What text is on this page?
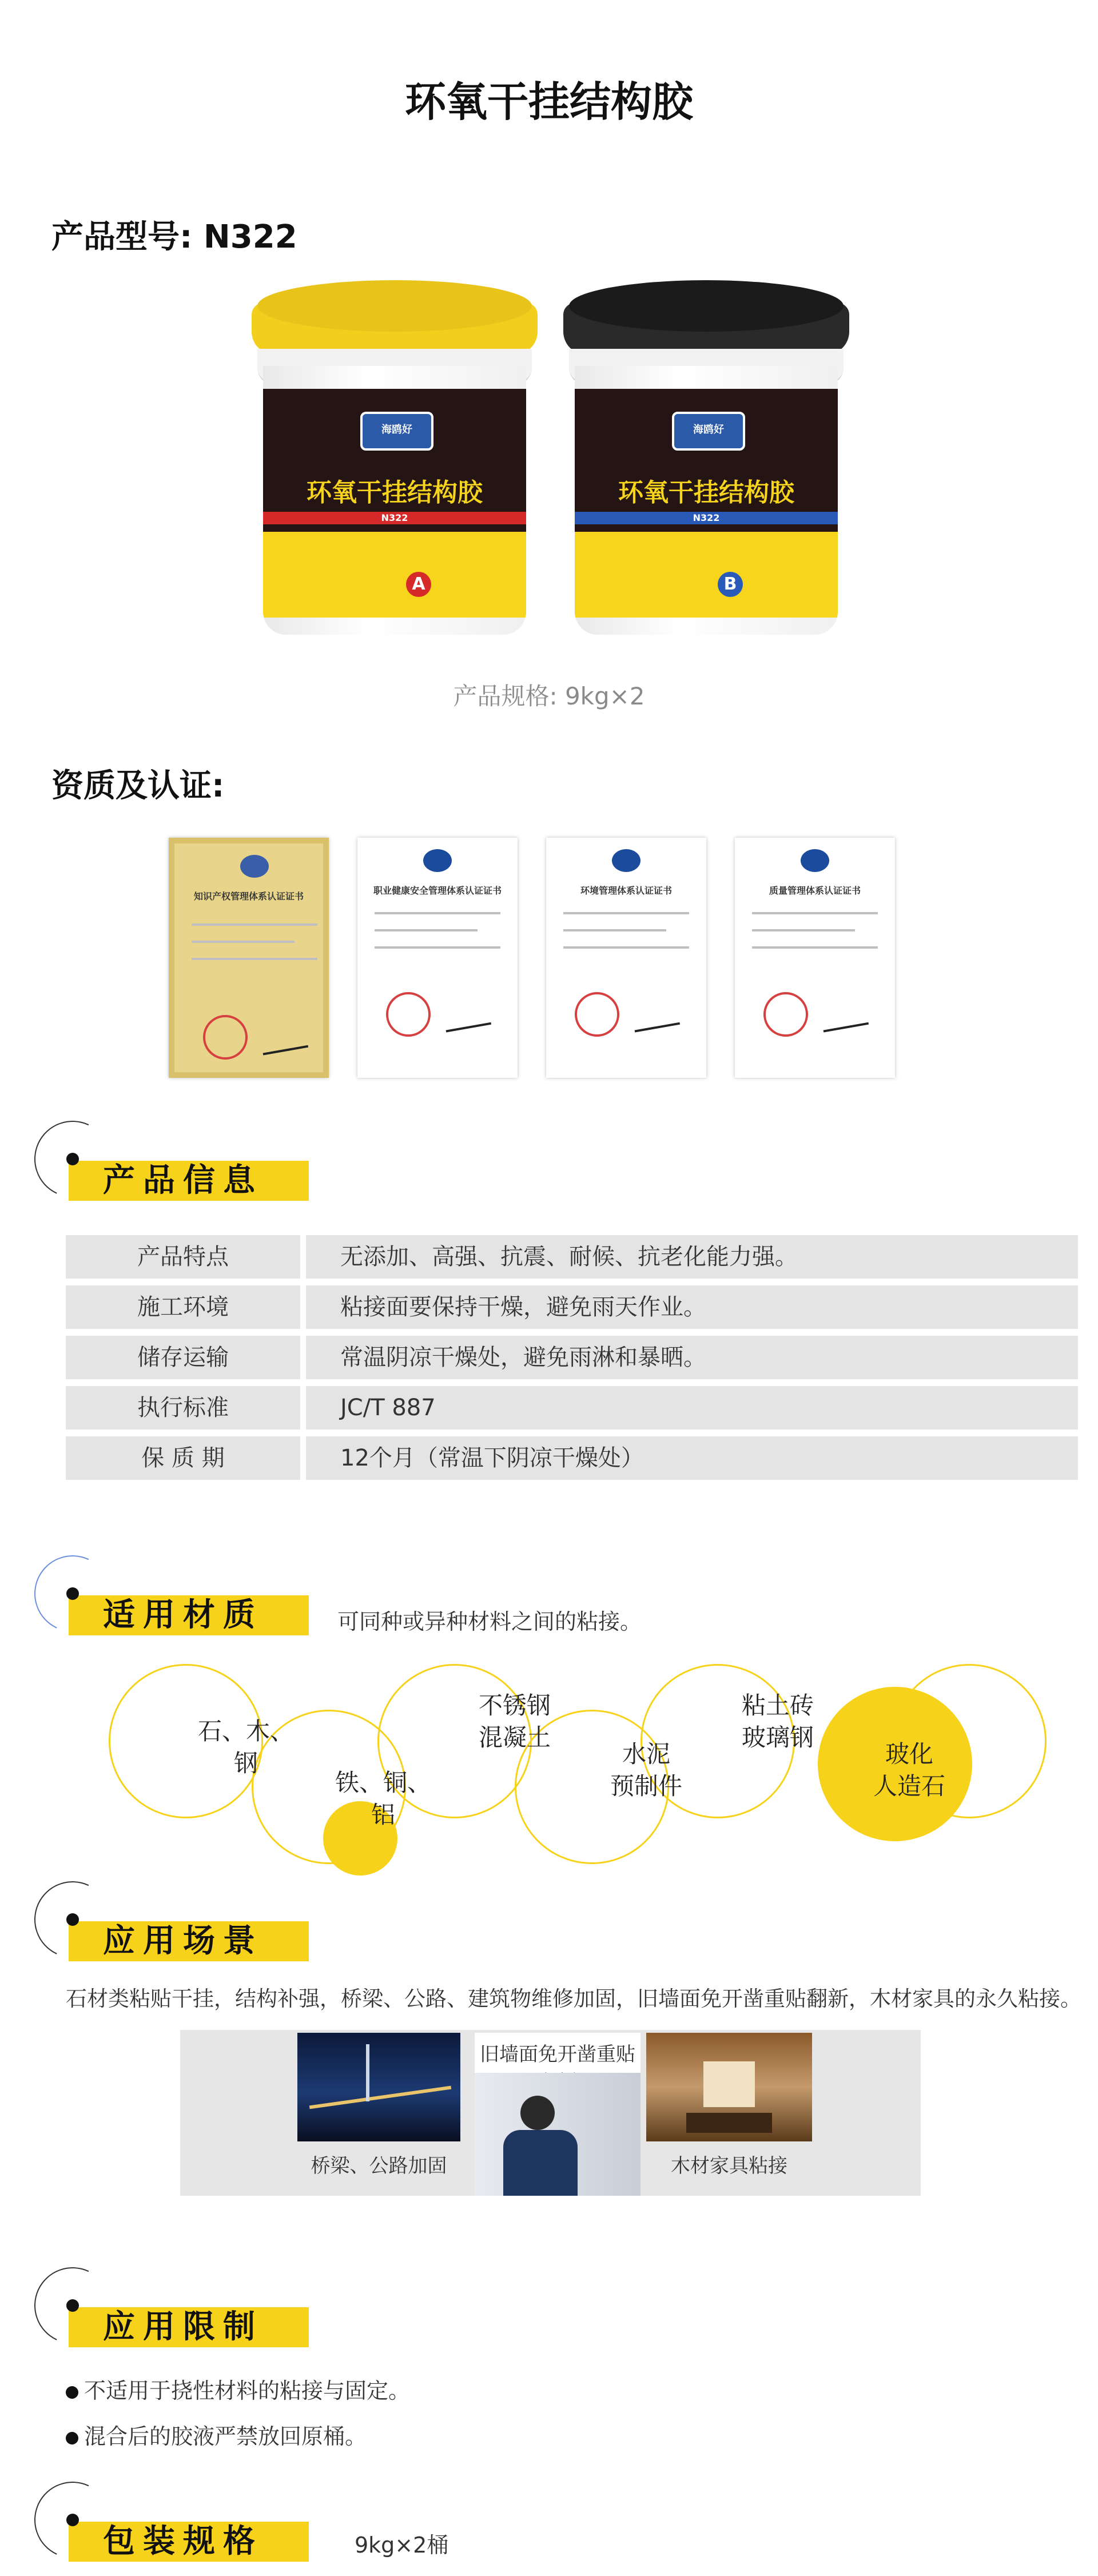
环氧干挂结构胶
产品型号: N322
海鸥好
环氧干挂结构胶
N322
A
海鸥好
环氧干挂结构胶
N322
B
产品规格: 9kg×2
资质及认证:
知识产权管理体系认证证书
职业健康安全管理体系认证证书	环境管理体系认证证书	质量管理体系认证证书
产品信息
产品特点	无添加、高强、抗震、耐候、抗老化能力强。
施工环境	粘接面要保持干燥，避免雨天作业。
储存运输	常温阴凉干燥处，避免雨淋和暴晒。
执行标准	JC/T 887
保 质 期	12个月（常温下阴凉干燥处）
适用材质	可同种或异种材料之间的粘接。
石、木、钢
铁、铜、铝
不锈钢
混凝土
水泥
预制件
粘土砖
玻璃钢
玻化
人造石
应用场景
石材类粘贴干挂，结构补强，桥梁、公路、建筑物维修加固，旧墙面免开凿重贴翻新，木材家具的永久粘接。
桥梁、公路加固
旧墙面免开凿重贴
木材家具粘接
应用限制
不适用于挠性材料的粘接与固定。
混合后的胶液严禁放回原桶。
包装规格	9kg×2桶
